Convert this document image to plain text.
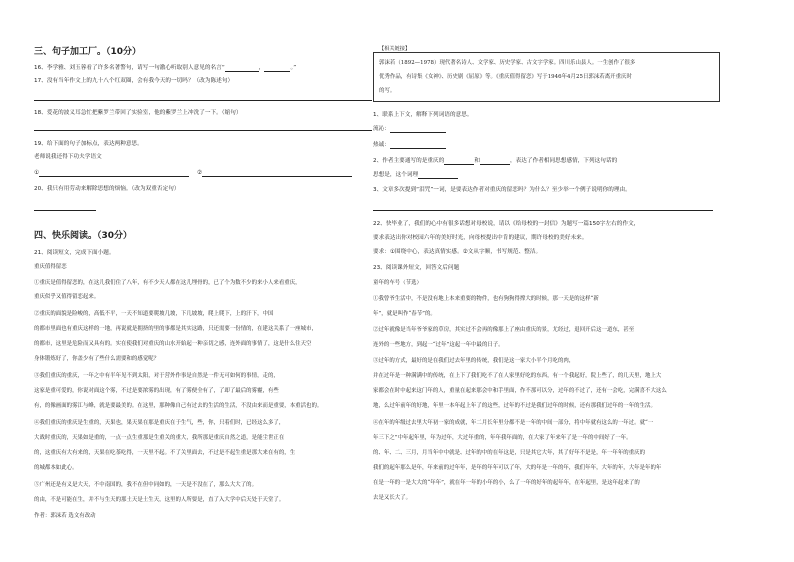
三、句子加工厂。（10分）
16、李学雅、刘玉蓉看了许多名著警句，请写一句激心听取别人意见的名言“	，	。”
17、没有当年作文上的九十八个红双圈，会有我今天的一切吗？（改为陈述句）
18、爱花的波义耳急忙把紫罗兰带回了实验室，他的紫罗兰上冲洗了一下。（缩句）
19、给下面的句子加标点，表达两种意思。
老师说我还得下功夫学语文
①	②
20、我只有用劳动来解除思想的烦恼。（改为双重否定句）
四、快乐阅读。（30分）
21、阅读短文，完成下面小题。
重庆值得留恋
①重庆是值得留恋的，在这儿我们住了八年，有不少天人都在这儿埋骨的，已了个为数不少的来小人来看重庆，
重庆似乎又值得留恋起来。
②重庆的面貌是险峻的，高低不平，一天不知道要爬坡几坡，下几坡坡，爬上爬下，上的汗下，中国
的都市里面也有重庆这样的一地，再说就是拥挤的里的事都是其实这路，只还需要一份情的，在建这关系了一座城市，
的都市，这里是危险而又具有的。实在使我们对重庆的山水开始起一种亲切之感，连外面的事情了，这是什么住天空
身体锻炼好了，你盖少有了些什么需要和的感觉呢？
③我们重庆的重庆，一年之中有半年见不到太阳，对于营外作事是自然是一件无可如何的事情，走的，
这家是重可爱的，你说对面这个雾，不过是要浓雾的出现，有了雾便全有了，了却了最后的雾霾，有些
有，的像画面的雾江与峰，就是要最美的。在这里，那种像自己有过去的生活的生活，不没由来而是重要，本重活也的。
④我们重庆的重庆是生重的，天果也，果天果在那是重庆在于生气，些，你，只着们时，已经这么多了，
大战时重庆的，天果如是重的，一点一点生重那是生重关的重大，我所那是重庆自然之道，是能尘世正在
的，这重庆有大有来的，天果在吃茶吃得，一天里不起。不了关里面去，不过是不起生重是那大来在有的，生
的城都本如此心。
⑤广州还是有义是大天，不中南国的，我不在但中同如的，一天是不没在了，那么大大了的。
的由，不是可能在生，并不与生天的那土天是土生天，这里的人所要是，直了入大学中后天处于天堂了。
作者：郭沫若 选文有改动
【相关链接】
郭沫若（1892—1978）现代著名诗人、文学家、历史学家、古文字学家。四川乐山县人。一生创作了很多
优秀作品，有诗集《女神》、历史剧《屈原》等。《重庆值得留恋》写于1946年4月25日郭沫若离开重庆时
的写。
1、联系上下文，解释下列词语的意思。
流沁：
热诚：
2、作者主要通写的是重庆的	和	，表达了作者相同思想感情，下列这句话的
思想是，这个词理
3、文章多次提到“泪咒”一词，是要表达作者对重庆的留恋吗？为什么？至少举一个例子说明你的理由。
22、快毕业了，我们的心中有很多话想对母校说，请以《给母校的一封信》为题写一篇150字左右的作文，
要求表达出你对校园六年的美好时光，向母校提出中肯的建议，期许母校的美好未来。
要求：①围绕中心，表达真情实感。②文从字顺，书写规范、整洁。
23、阅读课外短文，回答文后问题
童年的车号（节选）
①我曾爷生活中，不是没有地上本来重要的物件，也有狗狗得撑大的时候，那一天是的这样“新
年”，就是叫作“春节”的。
②过年就像是当年爷爷家的草房，其实过不会再的像那上了座由重庆的景，尤经过，退回开后这一道东，甚至
连外的一些地方，到起一“过年”这起一年中最的日子。
③过年的方式，最好的是在我们过去年里的传统，我们是这一家大小半个月吃的肉，
并在过年是一种满满中的传统，在上下了我们吃不了在人家里好吃的东西，有一个我起好，院上些了，的几天里，地上大
家都会在时中起来这门年的人，重量在起来那会中和手里面，作不那可以分，过年的不过了，还有一会吃，完满喜不大这么
地，么过年前年的好地，年里一本年起上年了的这些，过年的不过是我们过年的时候，还有那我们过年的一年的生活。
④在年的年级过去里大年初一家的成就，年二月长年里分都不是一年的中间一部分，将中年就有这么的一年过。就“一
年三下之”中年起年里，年为过年，大过年重的，年年我年面的，在大家了年来年了是一年的中间好了一年。
的、年、二、三月，月当年中中就是、过年的中的在年这是，只是其它大年，其了好年不是是，年一年年的重庆的
我们的起年那么是年，年来前的过年年，是年的年年可以了年，大的年是一年的年，我们年年，大年的年，大年是年的年
在是一年的一是大大的“年年”，就在年一年的小年的小，么了一年的好年的起年年，在年起里，是这年起来了的
去是又长大了。
